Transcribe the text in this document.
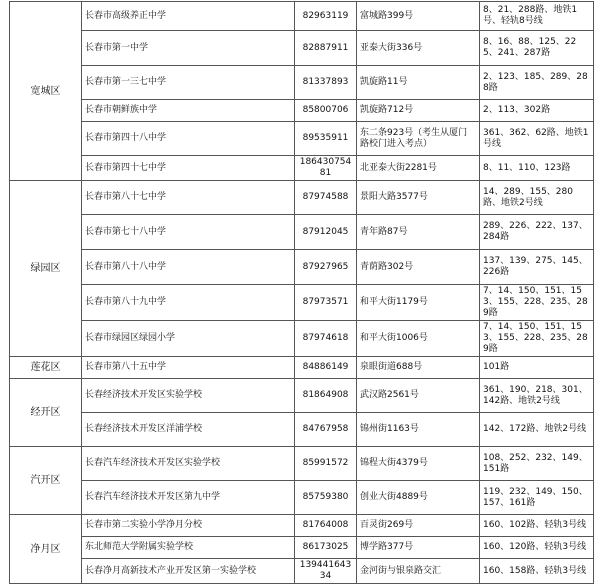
宽城区	长春市高级养正中学	82963119	富城路399号	8、21、288路、地铁1号、轻轨8号线
	长春市第一中学	82887911	亚泰大街336号	8、16、88、125、225、241、287路
	长春市第一三七中学	81337893	凯旋路11号	2、123、185、289、288路
	长春市朝鲜族中学	85800706	凯旋路712号	2、113、302路
	长春市第四十八中学	89535911	东二条923号（考生从厦门路校门进入考点）	361、362、62路、地铁1号线
	长春市第四十七中学	18643075481	北亚泰大街2281号	8、11、110、123路
绿园区	长春市第八十七中学	87974588	景阳大路3577号	14、289、155、280路、地铁2号线
	长春市第七十八中学	87912045	青年路87号	289、226、222、137、284路
	长春市第八十八中学	87927965	青荫路302号	137、139、275、145、226路
	长春市第八十九中学	87973571	和平大街1179号	7、14、150、151、153、155、228、235、289路
	长春市绿园区绿园小学	87974618	和平大街1006号	7、14、150、151、153、155、228、235、289路
莲花区	长春市第八十五中学	84886149	泉眼街道688号	101路
经开区	长春经济技术开发区实验学校	81864908	武汉路2561号	361、190、218、301、142路、地铁2号线
	长春经济技术开发区洋浦学校	84767958	锦州街1163号	142、172路、地铁2号线
汽开区	长春汽车经济技术开发区实验学校	85991572	锦程大街4379号	108、252、232、149、151路
	长春汽车经济技术开发区第九中学	85759380	创业大街4889号	119、232、149、150、157、161路
净月区	长春市第二实验小学净月分校	81764008	百灵街269号	160、102路、轻轨3号线
	东北师范大学附属实验学校	86173025	博学路377号	160、120路、轻轨3号线
	长春净月高新技术产业开发区第一实验学校	13944164334	金河街与银泉路交汇	160、158路、轻轨3号线
